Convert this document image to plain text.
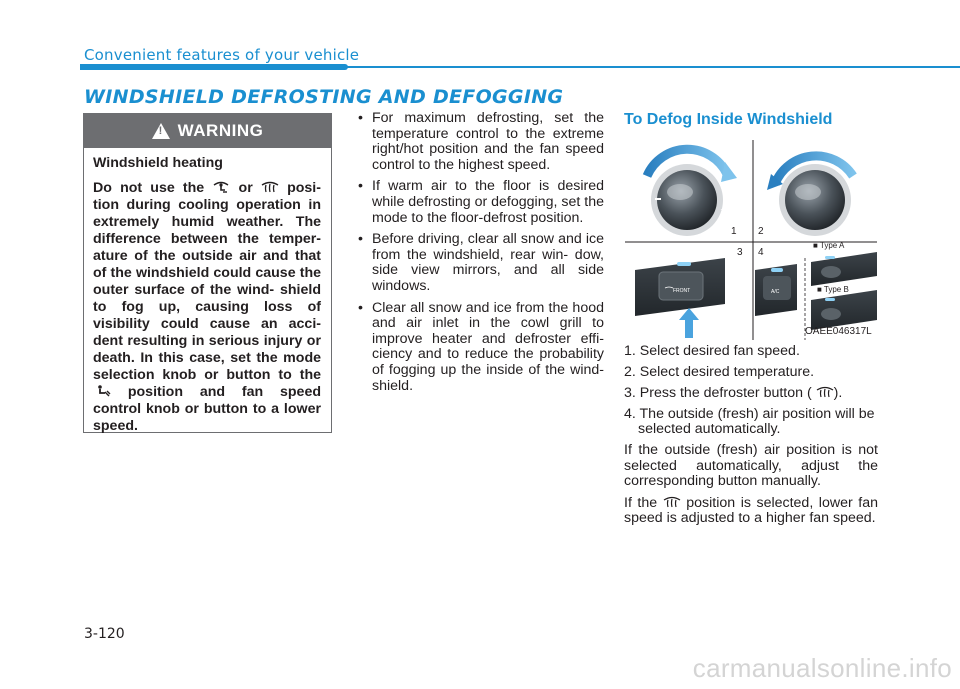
Convenient features of your vehicle
WINDSHIELD DEFROSTING AND DEFOGGING
! WARNING

Windshield heating

Do not use the or posi- tion during cooling operation in extremely humid weather. The difference between the temper- ature of the outside air and that of the windshield could cause the outer surface of the wind- shield to fog up, causing loss of visibility could cause an acci- dent resulting in serious injury or death. In this case, set the mode selection knob or button to the  position and fan speed control knob or button to a lower speed.

• For maximum defrosting, set the temperature control to the extreme right/hot position and the fan speed control to the highest speed.
• If warm air to the floor is desired while defrosting or defogging, set the mode to the floor-defrost position.
• Before driving, clear all snow and ice from the windshield, rear win- dow, side view mirrors, and all side windows.
• Clear all snow and ice from the hood and air inlet in the cowl grill to improve heater and defroster effi- ciency and to reduce the probability of fogging up the inside of the wind- shield.
To Defog Inside Windshield
+
1 2
3
FRONT
4
A/C
■ Type A
■ Type B
OAEE046317L
1. Select desired fan speed.
2. Select desired temperature.
3. Press the defroster button ( ).
4. The outside (fresh) air position will be selected automatically.
If the outside (fresh) air position is not selected automatically, adjust the corresponding button manually.
If the position is selected, lower fan speed is adjusted to a higher fan speed.
3-120
carmanualsonline.info
